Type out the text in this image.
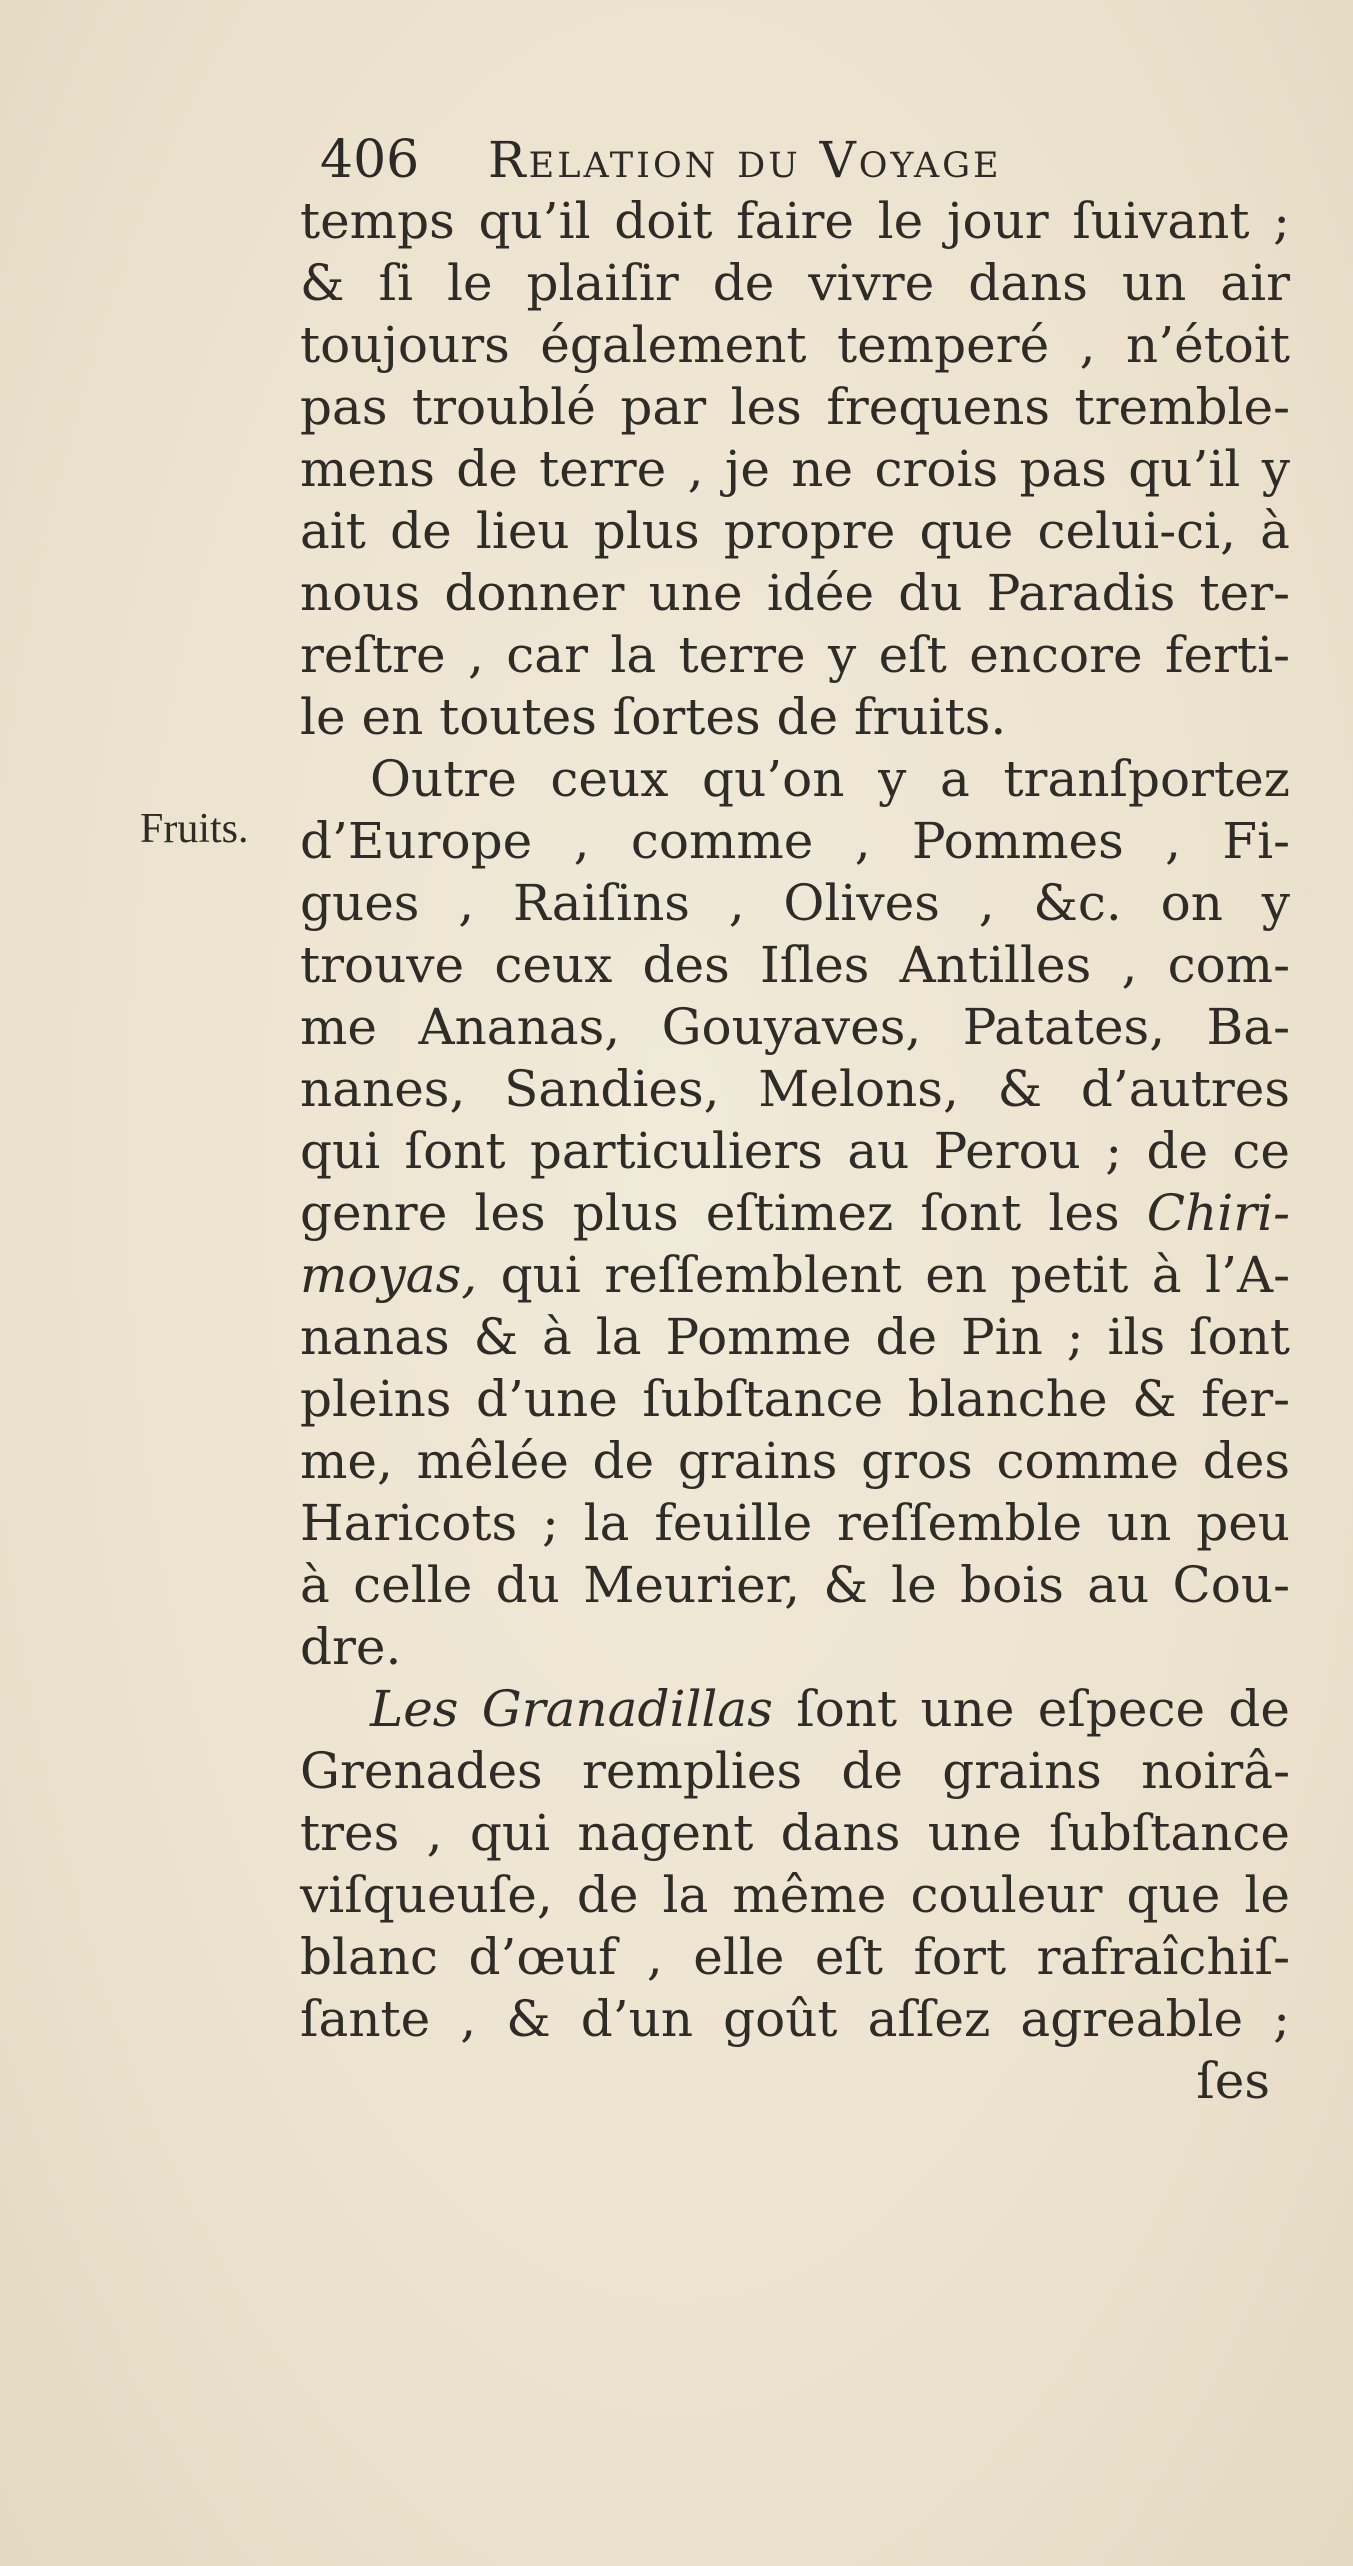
406 Relation du Voyage
Fruits.
temps qu’il doit faire le jour ſuivant ;
& ſi le plaiſir de vivre dans un air
toujours également temperé , n’étoit
pas troublé par les frequens tremble-
mens de terre , je ne crois pas qu’il y
ait de lieu plus propre que celui-ci, à
nous donner une idée du Paradis ter-
reſtre , car la terre y eſt encore ferti-
le en toutes ſortes de fruits.
Outre ceux qu’on y a tranſportez
d’Europe , comme , Pommes , Fi-
gues , Raiſins , Olives , &c. on y
trouve ceux des Iſles Antilles , com-
me Ananas, Gouyaves, Patates, Ba-
nanes, Sandies, Melons, & d’autres
qui ſont particuliers au Perou ; de ce
genre les plus eſtimez ſont les Chiri-
moyas, qui reſſemblent en petit à l’A-
nanas & à la Pomme de Pin ; ils ſont
pleins d’une ſubſtance blanche & fer-
me, mêlée de grains gros comme des
Haricots ; la feuille reſſemble un peu
à celle du Meurier, & le bois au Cou-
dre.
Les Granadillas ſont une eſpece de
Grenades remplies de grains noirâ-
tres , qui nagent dans une ſubſtance
viſqueuſe, de la même couleur que le
blanc d’œuf , elle eſt fort rafraîchiſ-
ſante , & d’un goût aſſez agreable ;
ſes
